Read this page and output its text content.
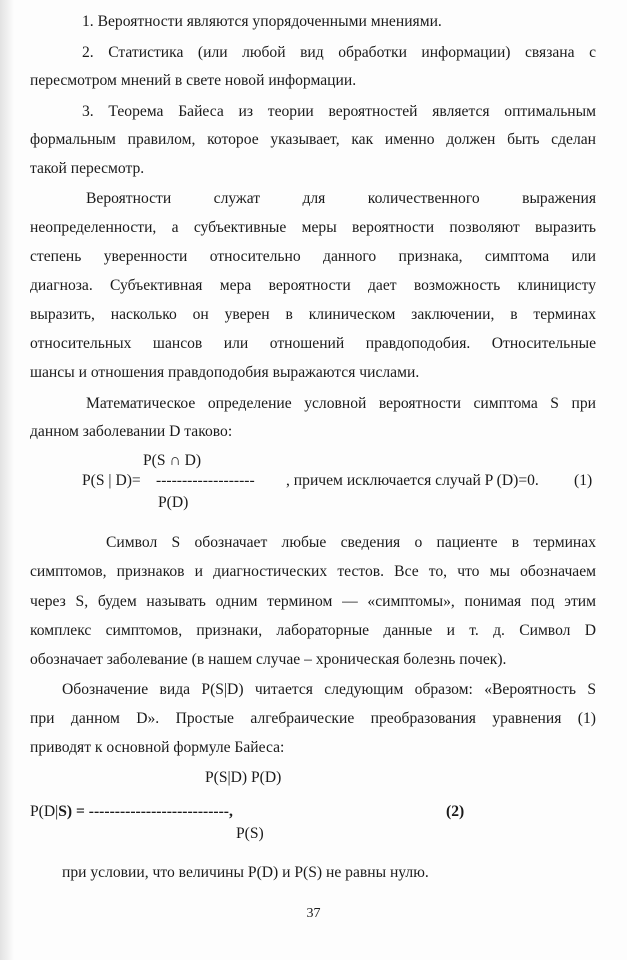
1. Вероятности являются упорядоченными мнениями.
2. Статистика (или любой вид обработки информации) связана с
пересмотром мнений в свете новой информации.
3. Теорема Байеса из теории вероятностей является оптимальным
формальным правилом, которое указывает, как именно должен быть сделан
такой пересмотр.
Вероятности служат для количественного выражения
неопределенности, а субъективные меры вероятности позволяют выразить
степень уверенности относительно данного признака, симптома или
диагноза. Субъективная мера вероятности дает возможность клиницисту
выразить, насколько он уверен в клиническом заключении, в терминах
относительных шансов или отношений правдоподобия. Относительные
шансы и отношения правдоподобия выражаются числами.
Математическое определение условной вероятности симптома S при
данном заболевании D таково:
P(S ∩ D)
P(S | D)= ------------------- , причем исключается случай P (D)=0. (1)
P(D)
Символ S обозначает любые сведения о пациенте в терминах
симптомов, признаков и диагностических тестов. Все то, что мы обозначаем
через S, будем называть одним термином — «симптомы», понимая под этим
комплекс симптомов, признаки, лабораторные данные и т. д. Символ D
обозначает заболевание (в нашем случае – хроническая болезнь почек).
Обозначение вида P(S|D) читается следующим образом: «Вероятность S
при данном D». Простые алгебраические преобразования уравнения (1)
приводят к основной формуле Байеса:
P(S|D) P(D)
P(D|S) = ---------------------------,	(2)
P(S)
при условии, что величины P(D) и P(S) не равны нулю.
37
